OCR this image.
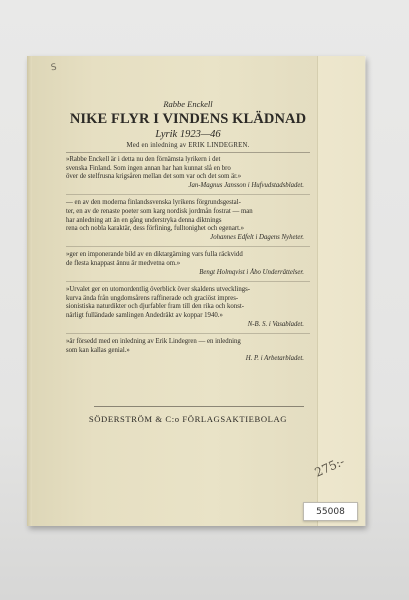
S
Rabbe Enckell
NIKE FLYR I VINDENS KLÄDNAD
Lyrik 1923—46
Med en inledning av ERIK LINDEGREN.

»Rabbe Enckell är i detta nu den förnämsta lyrikern i det

svenska Finland. Som ingen annan har han kunnat slå en bro

över de stelfrusna krigsåren mellan det som var och det som är.»

Jan-Magnus Jansson i Hufvudstadsbladet.

— en av den moderna finlandssvenska lyrikens förgrundsgestal-

ter, en av de renaste poeter som karg nordisk jordmån fostrat — man

har anledning att än en gång understryka denna diktnings

rena och nobla karaktär, dess förfining, fulltonighet och egenart.»

Johannes Edfelt i Dagens Nyheter.

»ger en imponerande bild av en diktargärning vars fulla räckvidd

de flesta knappast ännu är medvetna om.»

Bengt Holmqvist i Åbo Underrättelser.

»Urvalet ger en utomordentlig överblick över skaldens utvecklings-

kurva ända från ungdomsårens raffinerade och graciöst impres-

sionistiska naturdikter och djurfabler fram till den rika och konst-

närligt fulländade samlingen Andedräkt av koppar 1940.»

N-B. S. i Vasabladet.

»är försedd med en inledning av Erik Lindegren — en inledning

som kan kallas genial.»

H. P. i Arbetarbladet.
SÖDERSTRÖM & C:o FÖRLAGSAKTIEBOLAG
275:-
55008
